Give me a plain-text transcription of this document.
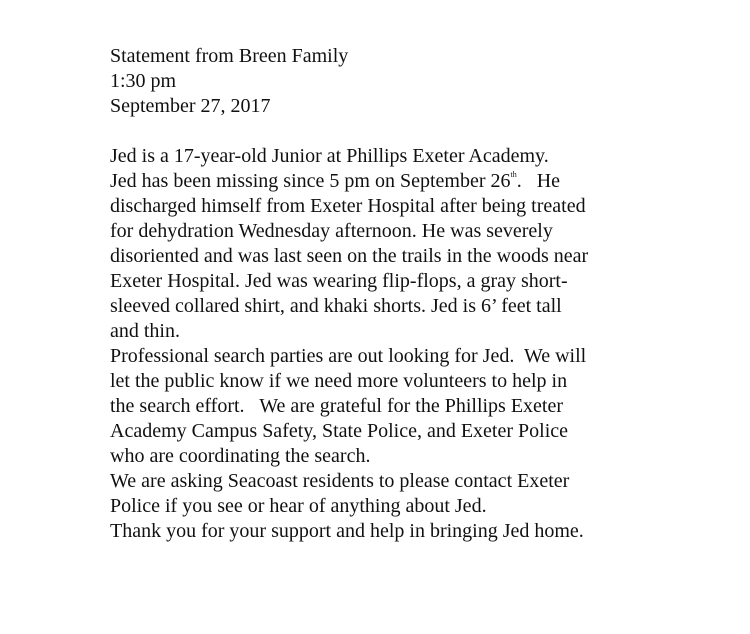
Statement from Breen Family
1:30 pm
September 27, 2017
Jed is a 17-year-old Junior at Phillips Exeter Academy.
Jed has been missing since 5 pm on September 26th.   He
discharged himself from Exeter Hospital after being treated
for dehydration Wednesday afternoon. He was severely
disoriented and was last seen on the trails in the woods near
Exeter Hospital. Jed was wearing flip-flops, a gray short-
sleeved collared shirt, and khaki shorts. Jed is 6’ feet tall
and thin.
Professional search parties are out looking for Jed.  We will
let the public know if we need more volunteers to help in
the search effort.   We are grateful for the Phillips Exeter
Academy Campus Safety, State Police, and Exeter Police
who are coordinating the search.
We are asking Seacoast residents to please contact Exeter
Police if you see or hear of anything about Jed.
Thank you for your support and help in bringing Jed home.
